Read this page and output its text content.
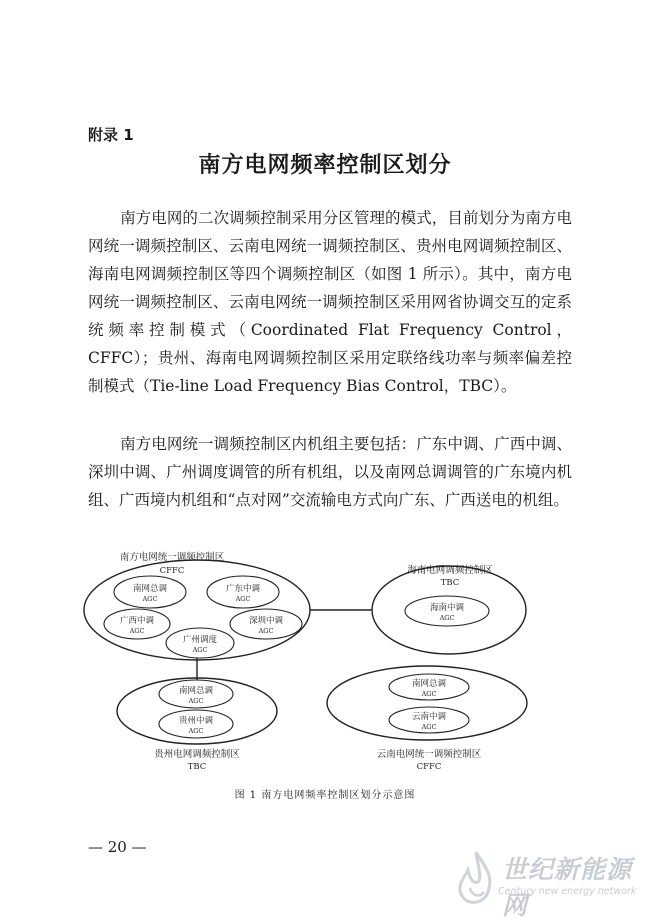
附录 1
南方电网频率控制区划分

南方电网的二次调频控制采用分区管理的模式，目前划分为南方电网统一调频控制区、云南电网统一调频控制区、贵州电网调频控制区、海南电网调频控制区等四个调频控制区（如图 1 所示）。其中，南方电网统一调频控制区、云南电网统一调频控制区采用网省协调交互的定系统频率控制模式（Coordinated Flat Frequency Control，CFFC）；贵州、海南电网调频控制区采用定联络线功率与频率偏差控制模式（Tie-line Load Frequency Bias Control，TBC）。

南方电网统一调频控制区内机组主要包括：广东中调、广西中调、深圳中调、广州调度调管的所有机组，以及南网总调调管的广东境内机组、广西境内机组和“点对网”交流输电方式向广东、广西送电的机组。

南方电网统一调频控制区
CFFC	海南电网调频控制区
TBC
贵州电网调频控制区
TBC
云南电网统一调频控制区
CFFC
南网总调
AGC
广东中调
AGC
广西中调
AGC
深圳中调
AGC
广州调度
AGC
海南中调
AGC
南网总调
AGC
贵州中调
AGC
南网总调
AGC
云南中调
AGC
图 1 南方电网频率控制区划分示意图
— 20 —
世纪新能源网
Century new energy network
